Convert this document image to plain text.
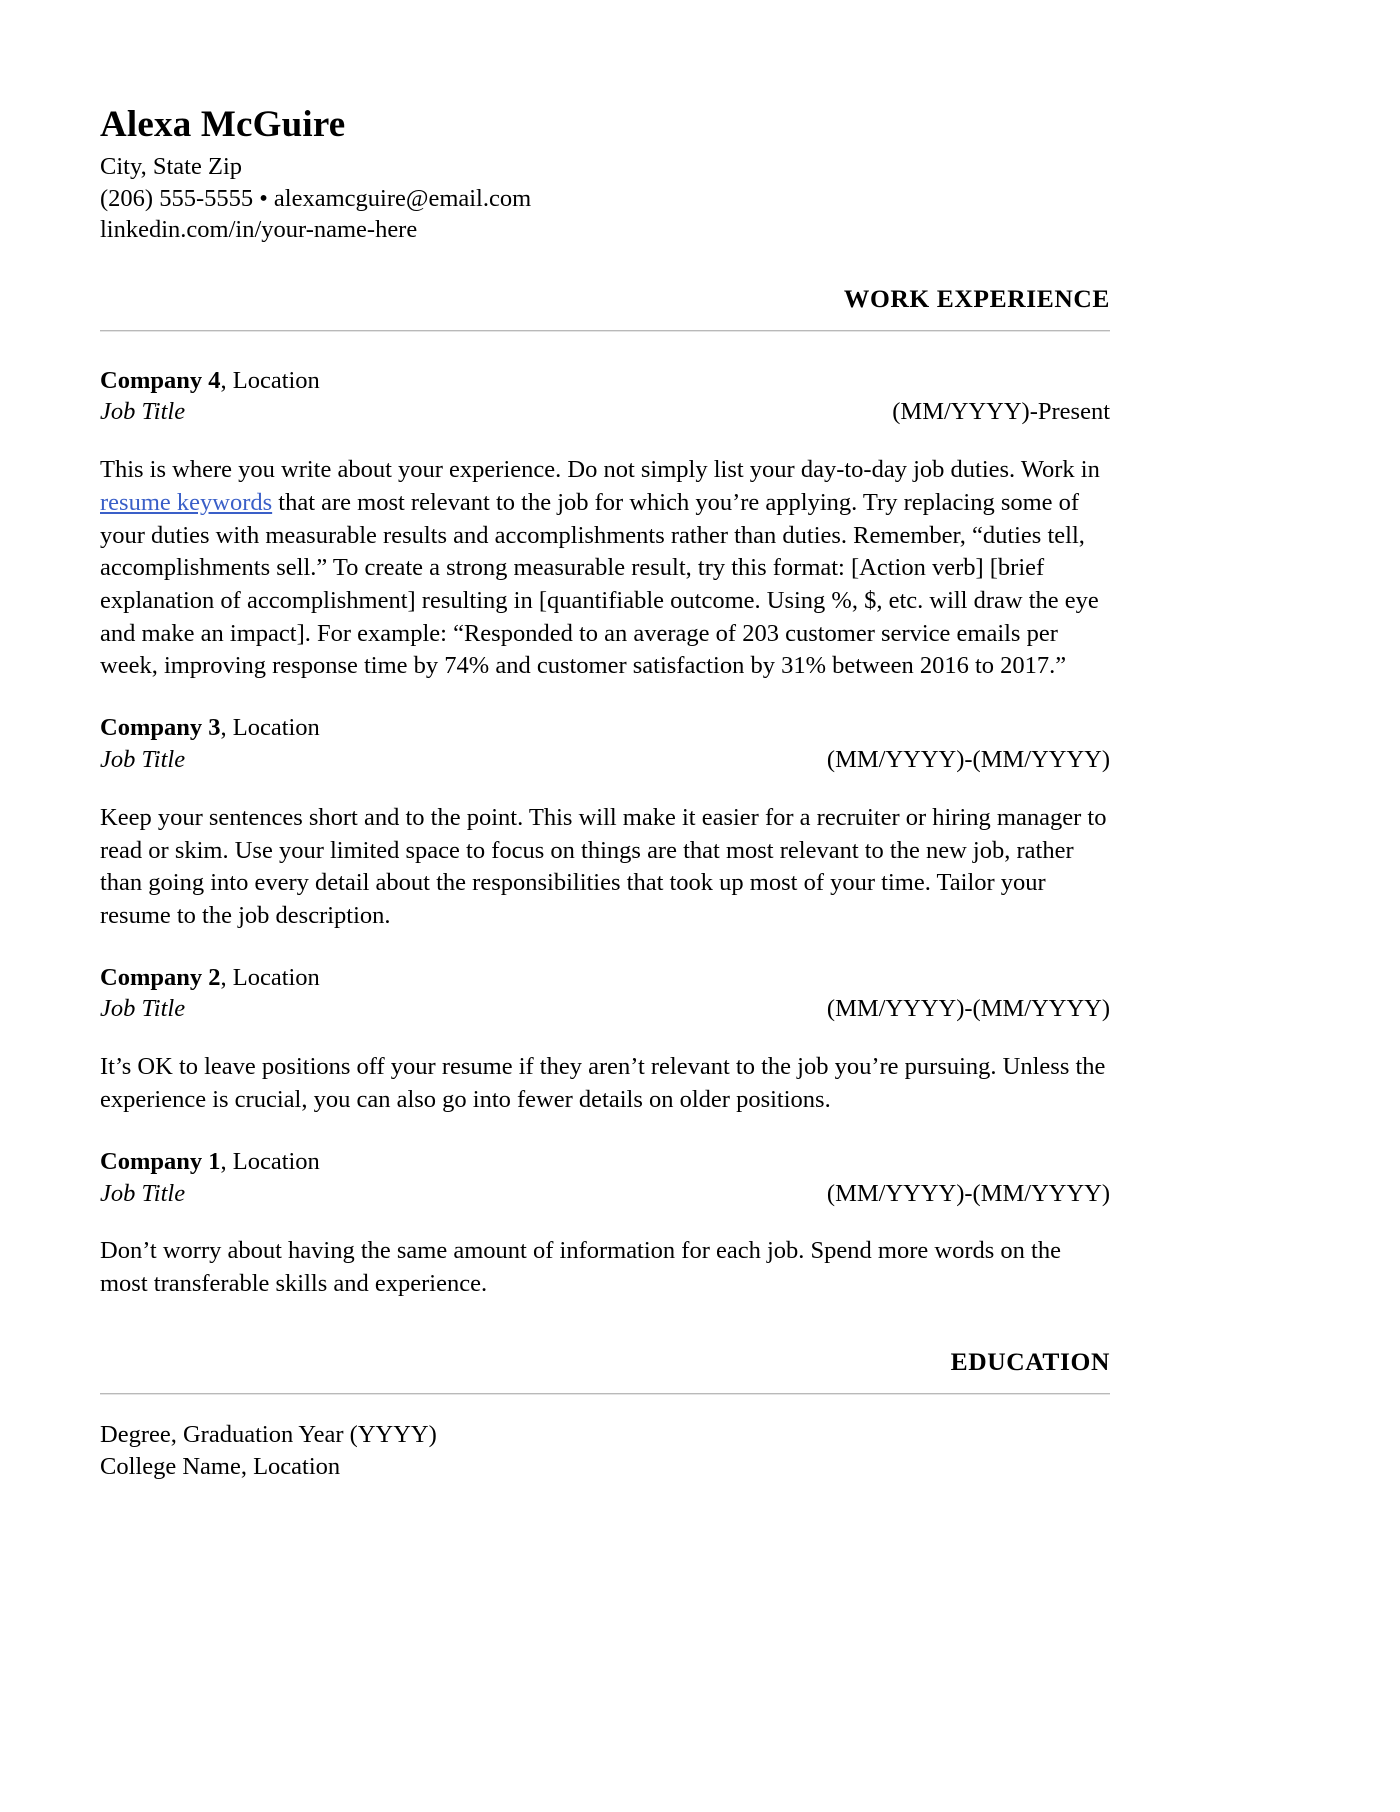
Alexa McGuire

City, State Zip

(206) 555-5555 • alexamcguire@email.com

linkedin.com/in/your-name-here

WORK EXPERIENCE
Company 4, Location
Job Title	(MM/YYYY)-Present

This is where you write about your experience. Do not simply list your day-to-day job duties. Work in resume keywords that are most relevant to the job for which you’re applying. Try replacing some of your duties with measurable results and accomplishments rather than duties. Remember, “duties tell, accomplishments sell.” To create a strong measurable result, try this format: [Action verb] [brief explanation of accomplishment] resulting in [quantifiable outcome. Using %, $, etc. will draw the eye and make an impact]. For example: “Responded to an average of 203 customer service emails per week, improving response time by 74% and customer satisfaction by 31% between 2016 to 2017.”

Company 3, Location
Job Title	(MM/YYYY)-(MM/YYYY)

Keep your sentences short and to the point. This will make it easier for a recruiter or hiring manager to read or skim. Use your limited space to focus on things are that most relevant to the new job, rather than going into every detail about the responsibilities that took up most of your time. Tailor your resume to the job description.

Company 2, Location
Job Title	(MM/YYYY)-(MM/YYYY)

It’s OK to leave positions off your resume if they aren’t relevant to the job you’re pursuing. Unless the experience is crucial, you can also go into fewer details on older positions.

Company 1, Location
Job Title	(MM/YYYY)-(MM/YYYY)

Don’t worry about having the same amount of information for each job. Spend more words on the most transferable skills and experience.

EDUCATION

Degree, Graduation Year (YYYY)

College Name, Location
